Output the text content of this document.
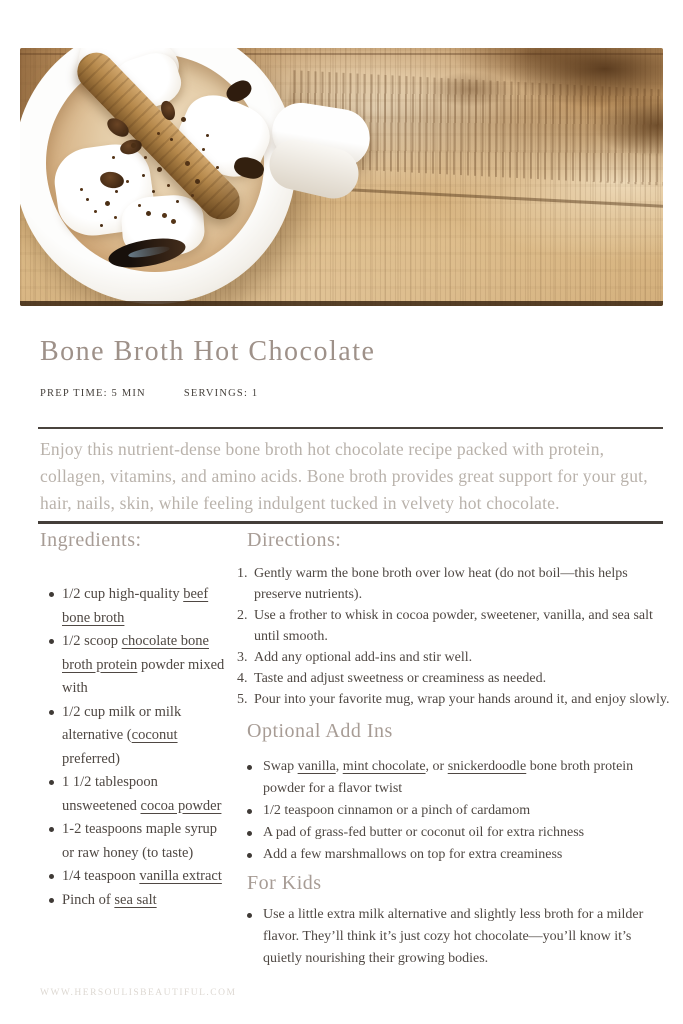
Bone Broth Hot Chocolate
PREP TIME: 5 MIN	SERVINGS: 1

Enjoy this nutrient-dense bone broth hot chocolate recipe packed with protein, collagen, vitamins, and amino acids. Bone broth provides great support for your gut, hair, nails, skin, while feeling indulgent tucked in velvety hot chocolate.

Ingredients:
1/2 cup high-quality beef bone broth
1/2 scoop chocolate bone broth protein powder mixed with
1/2 cup milk or milk alternative (coconut preferred)
1 1/2 tablespoon unsweetened cocoa powder
1-2 teaspoons maple syrup or raw honey (to taste)
1/4 teaspoon vanilla extract
Pinch of sea salt
Directions:
1. Gently warm the bone broth over low heat (do not boil—this helps preserve nutrients).
2. Use a frother to whisk in cocoa powder, sweetener, vanilla, and sea salt until smooth.
3. Add any optional add-ins and stir well.
4. Taste and adjust sweetness or creaminess as needed.
5. Pour into your favorite mug, wrap your hands around it, and enjoy slowly.
Optional Add Ins
Swap vanilla, mint chocolate, or snickerdoodle bone broth protein powder for a flavor twist
1/2 teaspoon cinnamon or a pinch of cardamom
A pad of grass-fed butter or coconut oil for extra richness
Add a few marshmallows on top for extra creaminess
For Kids
Use a little extra milk alternative and slightly less broth for a milder flavor. They’ll think it’s just cozy hot chocolate—you’ll know it’s quietly nourishing their growing bodies.
WWW.HERSOULISBEAUTIFUL.COM
